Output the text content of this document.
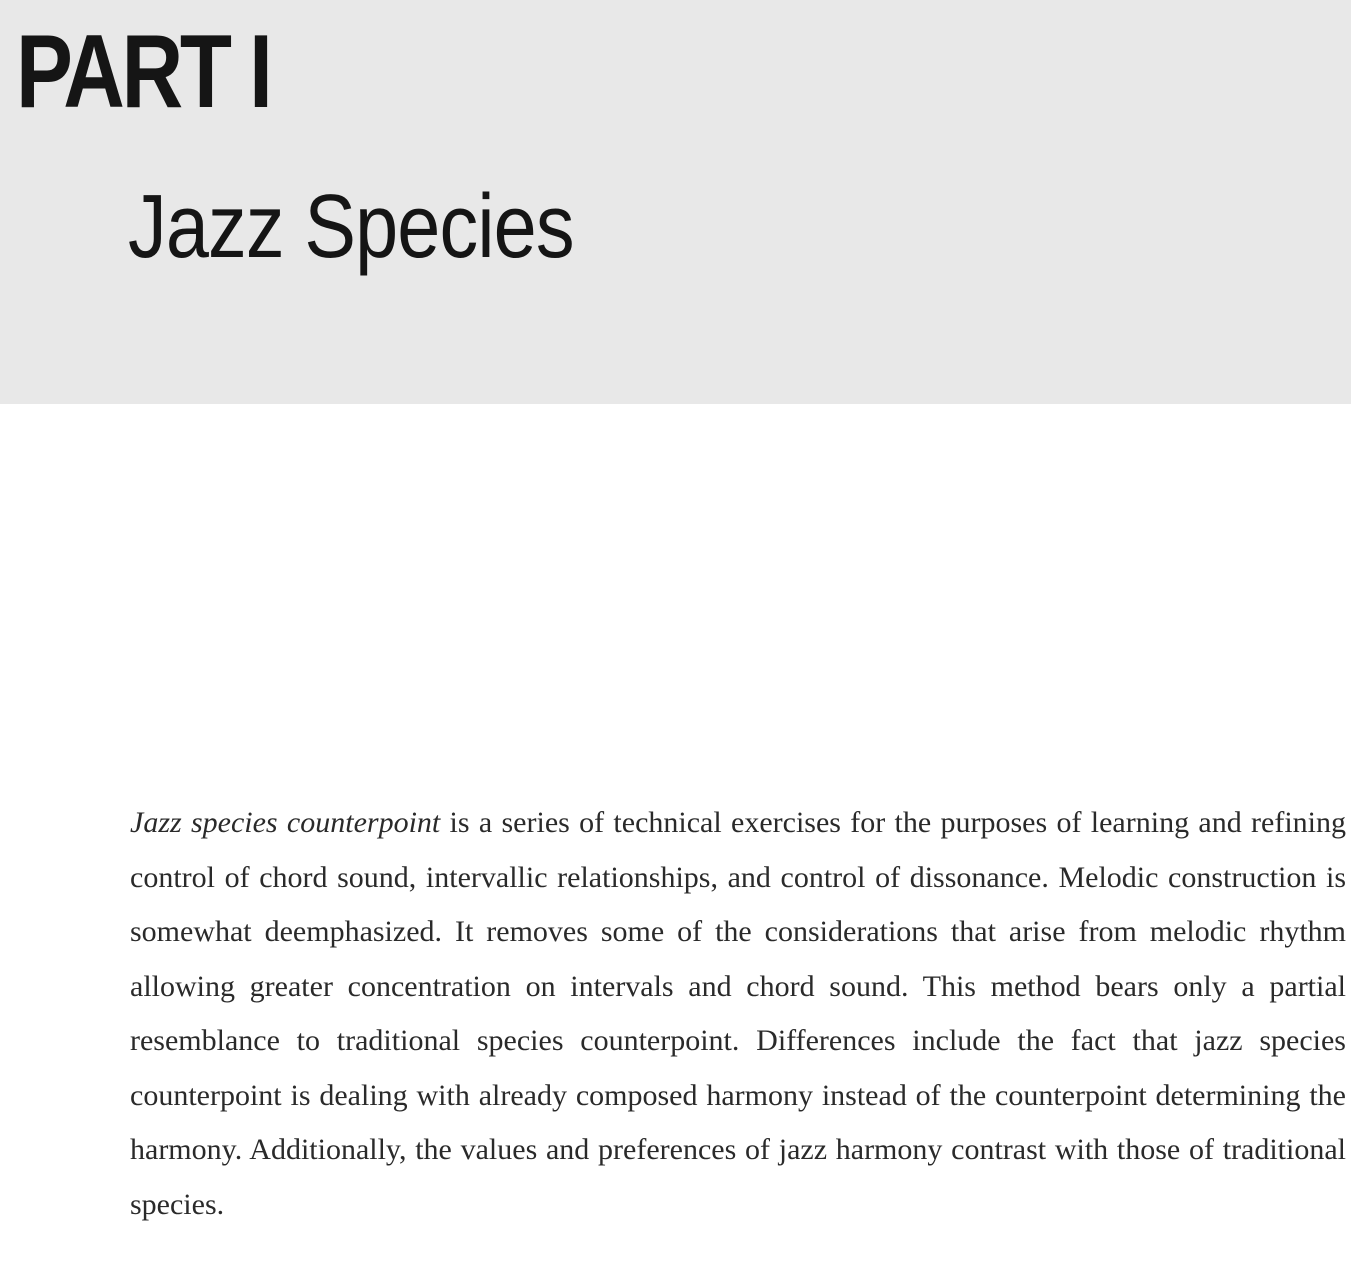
PART I
Jazz Species

Jazz species counterpoint is a series of technical exercises for the purposes of learning and refining control of chord sound, intervallic relationships, and control of dissonance. Melodic construction is somewhat deemphasized. It removes some of the considerations that arise from melodic rhythm allowing greater concentration on intervals and chord sound. This method bears only a partial resemblance to traditional species counterpoint. Differences include the fact that jazz species counterpoint is dealing with already composed harmony instead of the counterpoint determining the harmony. Additionally, the values and preferences of jazz harmony contrast with those of traditional species.
